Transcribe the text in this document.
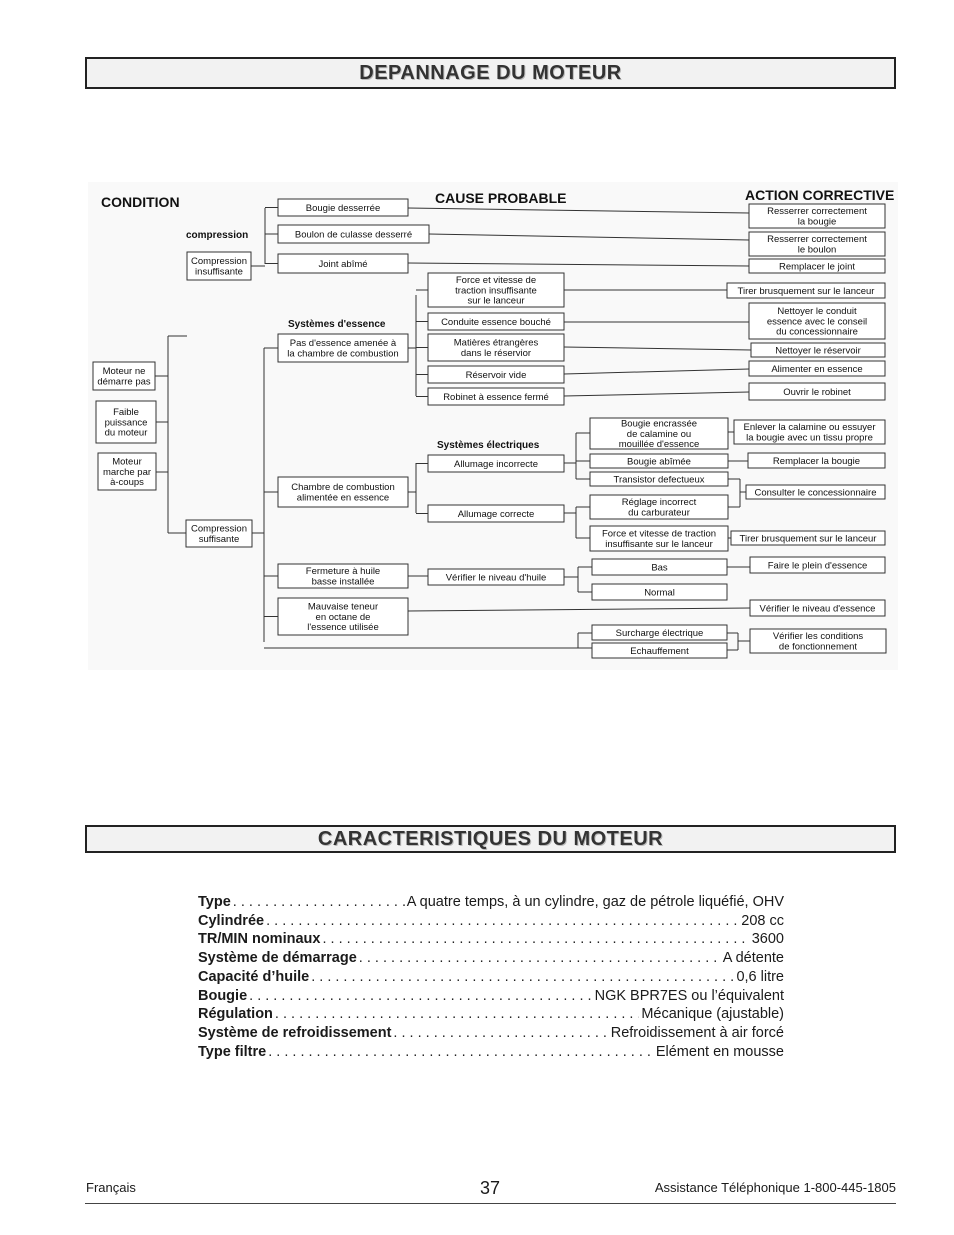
DEPANNAGE DU MOTEUR
CONDITION	CAUSE PROBABLE	ACTION CORRECTIVE
compression
Systèmes d'essence
Systèmes électriques
Moteur ne
démarre pas
Faible
puissance
du moteur
Moteur
marche par
à-coups
Compression
insuffisante
Compression
suffisante
Bougie desserrée
Boulon de culasse desserré
Joint abîmé
Resserrer correctement
la bougie
Resserrer correctement
le boulon
Remplacer le joint
Pas d'essence amenée à
la chambre de combustion
Chambre de combustion
alimentée en essence
Fermeture à huile
basse installée
Mauvaise teneur
en octane de
l'essence utilisée
Force et vitesse de
traction insuffisante
sur le lanceur
Conduite essence bouché
Matières étrangères
dans le réservior
Réservoir vide
Robinet à essence fermé
Tirer brusquement sur le lanceur
Nettoyer le conduit
essence avec le conseil
du concessionnaire
Nettoyer le réservoir
Alimenter en essence
Ouvrir le robinet
Allumage incorrecte
Allumage correcte
Bougie encrassée
de calamine ou
mouillée d'essence
Bougie abîmée
Transistor defectueux
Réglage incorrect
du carburateur
Force et vitesse de traction
insuffisante sur le lanceur
Enlever la calamine ou essuyer
la bougie avec un tissu propre
Remplacer la bougie
Consulter le concessionnaire
Tirer brusquement sur le lanceur
Vérifier le niveau d'huile
Bas
Normal
Faire le plein d'essence
Vérifier le niveau d'essence
Surcharge électrique
Echauffement
Vérifier les conditions
de fonctionnement
CARACTERISTIQUES DU MOTEUR
Type . . .	A quatre temps, à un cylindre, gaz de pétrole liquéfié, OHV
Cylindrée . . .	208 cc
TR/MIN nominaux . . .	3600
Système de démarrage . . .	A détente
Capacité d’huile . . .	0,6 litre
Bougie . . .	NGK BPR7ES ou l’équivalent
Régulation . . .	Mécanique (ajustable)
Système de refroidissement . . .	Refroidissement à air forcé
Type filtre . . .	Elément en mousse
Français	37	Assistance Téléphonique 1-800-445-1805
